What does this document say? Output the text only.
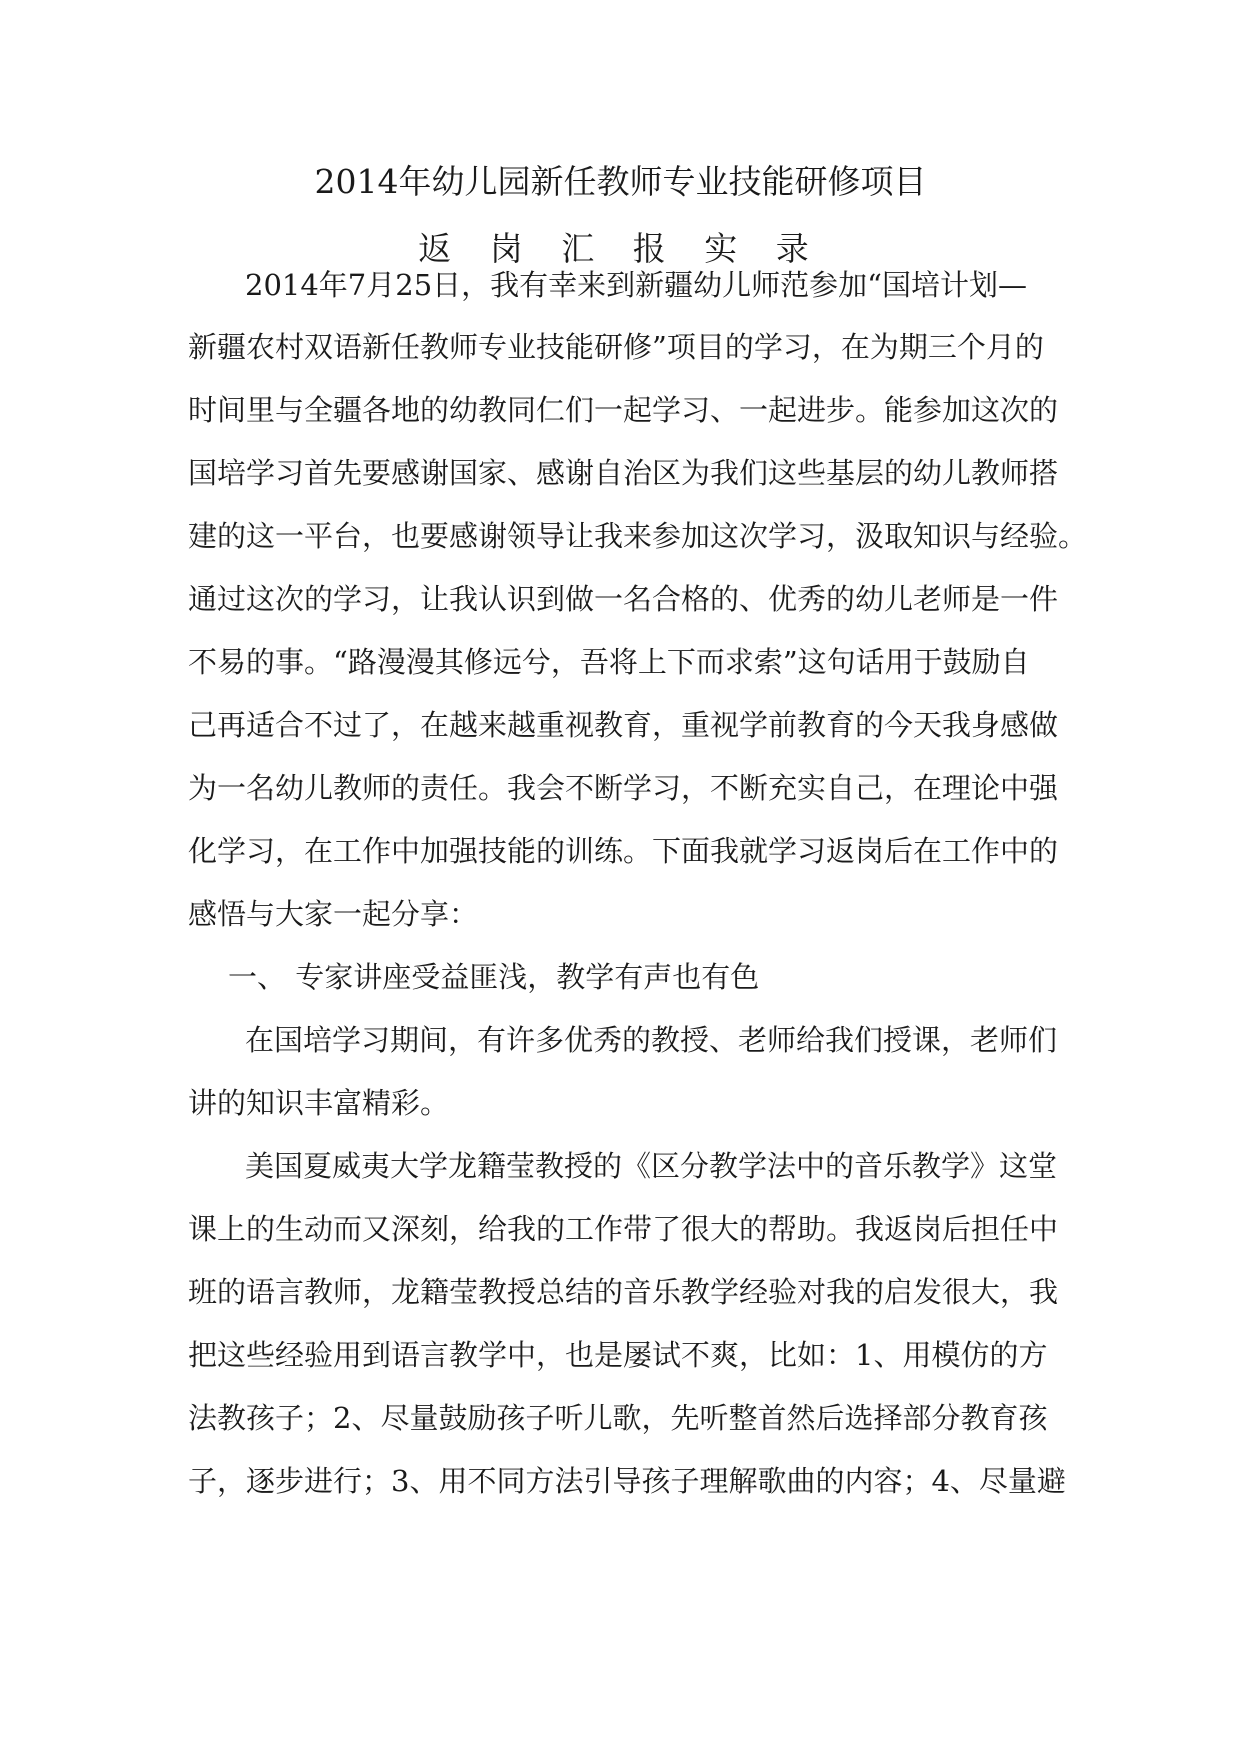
2014年幼儿园新任教师专业技能研修项目
返 岗 汇 报 实 录
2014年7月25日，我有幸来到新疆幼儿师范参加“国培计划—
新疆农村双语新任教师专业技能研修”项目的学习，在为期三个月的
时间里与全疆各地的幼教同仁们一起学习、一起进步。能参加这次的
国培学习首先要感谢国家、感谢自治区为我们这些基层的幼儿教师搭
建的这一平台，也要感谢领导让我来参加这次学习，汲取知识与经验。
通过这次的学习，让我认识到做一名合格的、优秀的幼儿老师是一件
不易的事。“路漫漫其修远兮，吾将上下而求索”这句话用于鼓励自
己再适合不过了，在越来越重视教育，重视学前教育的今天我身感做
为一名幼儿教师的责任。我会不断学习，不断充实自己，在理论中强
化学习，在工作中加强技能的训练。下面我就学习返岗后在工作中的
感悟与大家一起分享：
一、 专家讲座受益匪浅，教学有声也有色
在国培学习期间，有许多优秀的教授、老师给我们授课，老师们
讲的知识丰富精彩。
美国夏威夷大学龙籍莹教授的《区分教学法中的音乐教学》这堂
课上的生动而又深刻，给我的工作带了很大的帮助。我返岗后担任中
班的语言教师，龙籍莹教授总结的音乐教学经验对我的启发很大，我
把这些经验用到语言教学中，也是屡试不爽，比如：1、用模仿的方
法教孩子；2、尽量鼓励孩子听儿歌，先听整首然后选择部分教育孩
子，逐步进行；3、用不同方法引导孩子理解歌曲的内容；4、尽量避
